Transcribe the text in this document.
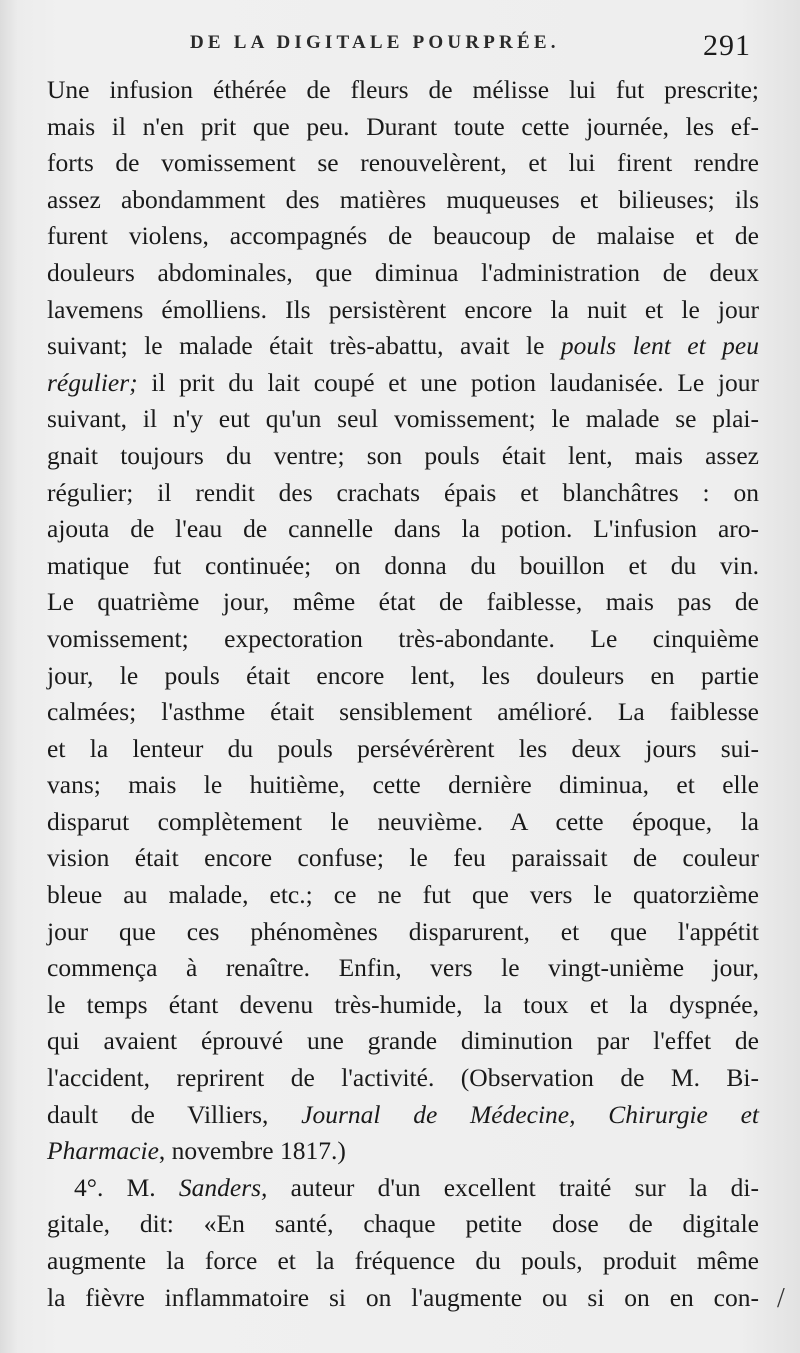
DE LA DIGITALE POURPRÉE.	291
Une infusion éthérée de fleurs de mélisse lui fut prescrite;
mais il n'en prit que peu. Durant toute cette journée, les ef-
forts de vomissement se renouvelèrent, et lui firent rendre
assez abondamment des matières muqueuses et bilieuses; ils
furent violens, accompagnés de beaucoup de malaise et de
douleurs abdominales, que diminua l'administration de deux
lavemens émolliens. Ils persistèrent encore la nuit et le jour
suivant; le malade était très-abattu, avait le pouls lent et peu
régulier; il prit du lait coupé et une potion laudanisée. Le jour
suivant, il n'y eut qu'un seul vomissement; le malade se plai-
gnait toujours du ventre; son pouls était lent, mais assez
régulier; il rendit des crachats épais et blanchâtres : on
ajouta de l'eau de cannelle dans la potion. L'infusion aro-
matique fut continuée; on donna du bouillon et du vin.
Le quatrième jour, même état de faiblesse, mais pas de
vomissement; expectoration très-abondante. Le cinquième
jour, le pouls était encore lent, les douleurs en partie
calmées; l'asthme était sensiblement amélioré. La faiblesse
et la lenteur du pouls persévérèrent les deux jours sui-
vans; mais le huitième, cette dernière diminua, et elle
disparut complètement le neuvième. A cette époque, la
vision était encore confuse; le feu paraissait de couleur
bleue au malade, etc.; ce ne fut que vers le quatorzième
jour que ces phénomènes disparurent, et que l'appétit
commença à renaître. Enfin, vers le vingt-unième jour,
le temps étant devenu très-humide, la toux et la dyspnée,
qui avaient éprouvé une grande diminution par l'effet de
l'accident, reprirent de l'activité. (Observation de M. Bi-
dault de Villiers, Journal de Médecine, Chirurgie et
Pharmacie, novembre 1817.)
4°. M. Sanders, auteur d'un excellent traité sur la di-
gitale, dit: «En santé, chaque petite dose de digitale
augmente la force et la fréquence du pouls, produit même
la fièvre inflammatoire si on l'augmente ou si on en con- /
